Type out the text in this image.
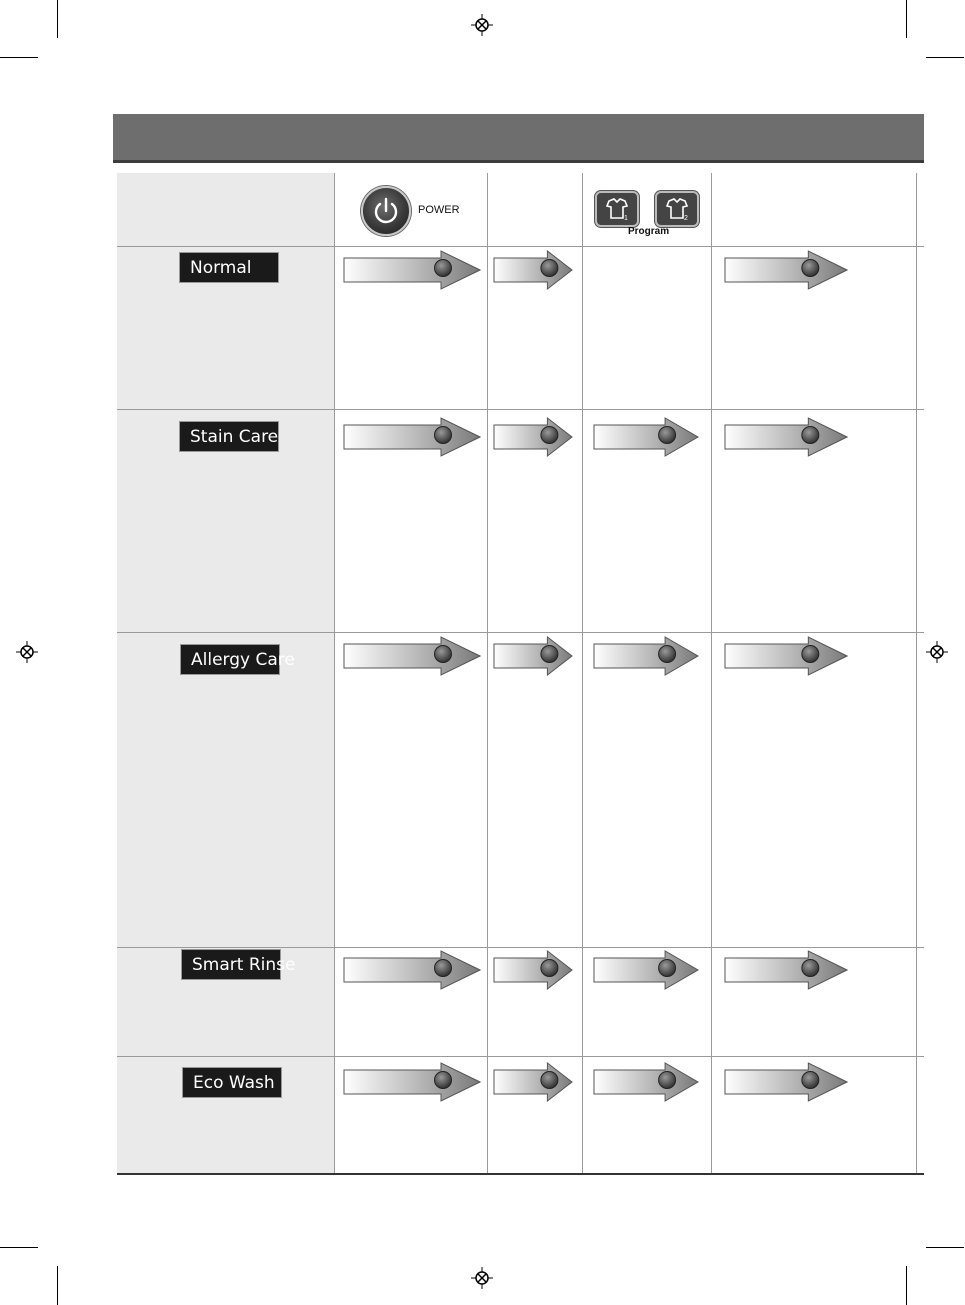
POWER
1	2
Program
Normal
Stain Care
Allergy Care
Smart Rinse
Eco Wash
